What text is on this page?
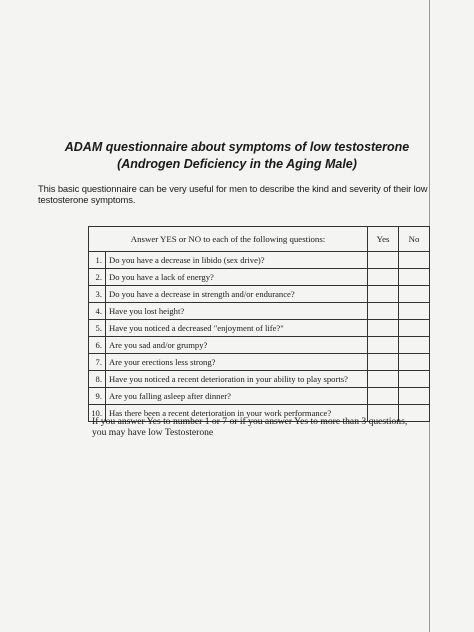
ADAM questionnaire about symptoms of low testosterone
(Androgen Deficiency in the Aging Male)
This basic questionnaire can be very useful for men to describe the kind and severity of their low testosterone symptoms.
Answer YES or NO to each of the following questions:		Yes	No
1.	Do you have a decrease in libido (sex drive)?		
2.	Do you have a lack of energy?		
3.	Do you have a decrease in strength and/or endurance?		
4.	Have you lost height?		
5.	Have you noticed a decreased "enjoyment of life?"		
6.	Are you sad and/or grumpy?		
7.	Are your erections less strong?		
8.	Have you noticed a recent deterioration in your ability to play sports?		
9.	Are you falling asleep after dinner?		
10.	Has there been a recent deterioration in your work performance?		
If you answer Yes to number 1 or 7 or if you answer Yes to more than 3 questions,
you may have low Testosterone
